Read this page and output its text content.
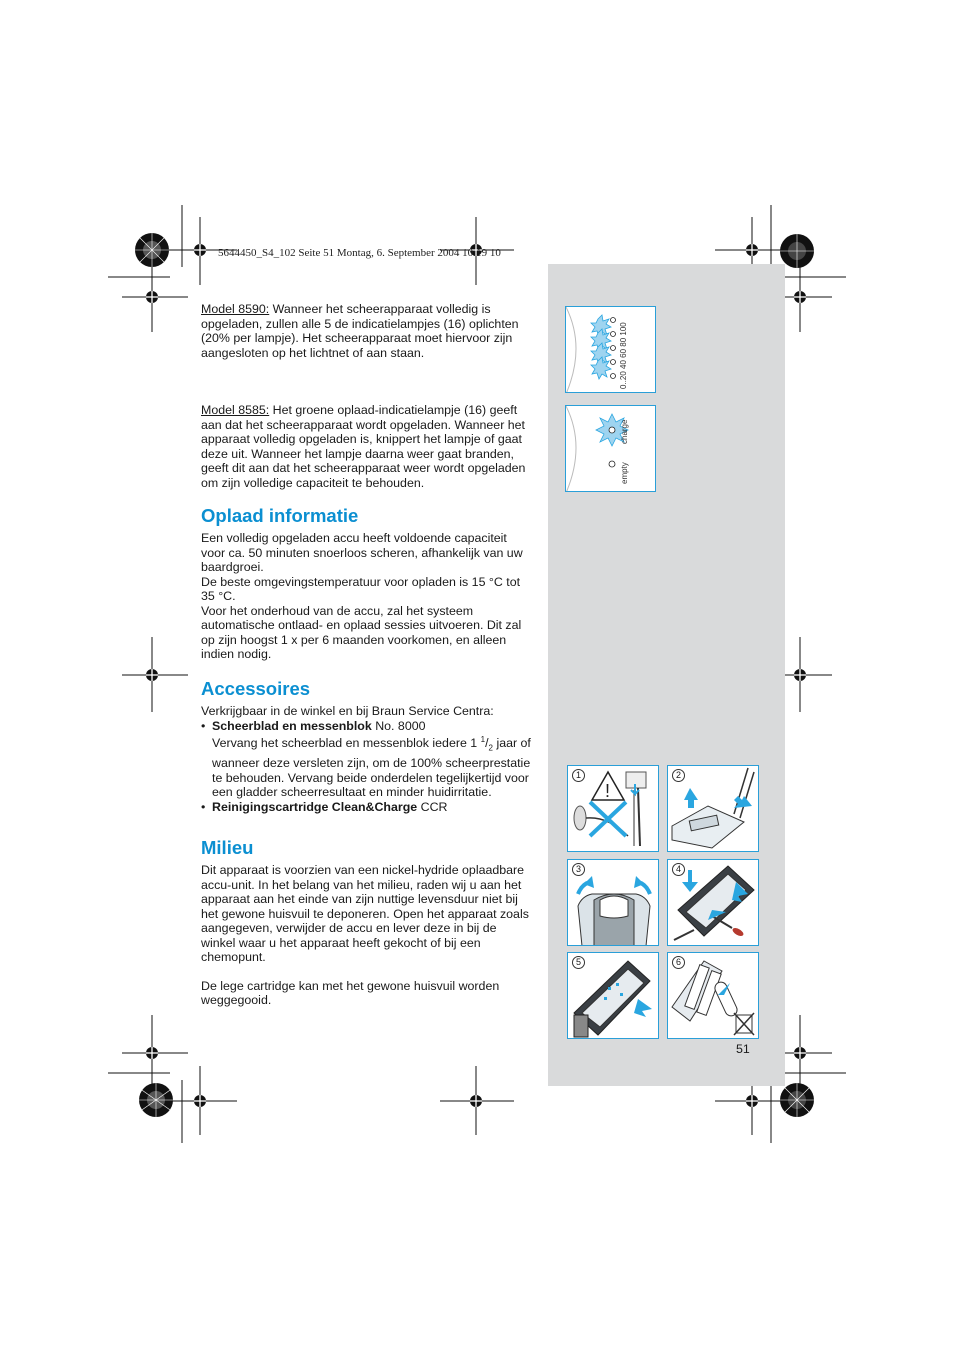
5644450_S4_102 Seite 51 Montag, 6. September 2004 10:19 10

Model 8590: Wanneer het scheerapparaat volledig is opgeladen, zullen alle 5 de indicatielampjes (16) oplichten (20% per lampje). Het scheerapparaat moet hiervoor zijn aangesloten op het lichtnet of aan staan.

Model 8585: Het groene oplaad-indicatielampje (16) geeft aan dat het scheerapparaat wordt opgeladen. Wanneer het apparaat volledig opgeladen is, knippert het lampje of gaat deze uit. Wanneer het lampje daarna weer gaat branden, geeft dit aan dat het scheerapparaat weer wordt opgeladen om zijn volledige capaciteit te behouden.

Oplaad informatie

Een volledig opgeladen accu heeft voldoende capaciteit voor ca. 50 minuten snoerloos scheren, afhankelijk van uw baardgroei.

De beste omgevingstemperatuur voor opladen is 15 °C tot 35 °C.

Voor het onderhoud van de accu, zal het systeem automatische ontlaad- en oplaad sessies uitvoeren. Dit zal op zijn hoogst 1 x per 6 maanden voorkomen, en alleen indien nodig.

Accessoires

Verkrijgbaar in de winkel en bij Braun Service Centra:

• Scheerblad en messenblok No. 8000
Vervang het scheerblad en messenblok iedere 1 $^1/_2$ jaar of wanneer deze versleten zijn, om de 100% scheerprestatie te behouden. Vervang beide onderdelen tegelijkertijd voor een gladder scheerresultaat en minder huidirritatie.
• Reinigingscartridge Clean&Charge CCR
Milieu

Dit apparaat is voorzien van een nickel-hydride oplaadbare accu-unit. In het belang van het milieu, raden wij u aan het apparaat aan het einde van zijn nuttige levensduur niet bij het gewone huisvuil te deponeren. Open het apparaat zoals aangegeven, verwijder de accu en lever deze in bij de winkel waar u het apparaat heeft gekocht of bij een chemopunt.

De lege cartridge kan met het gewone huisvuil worden weggegooid.

0..20 40 60 80 100
empty
charge
1
!
2
3	4
5	6
51
